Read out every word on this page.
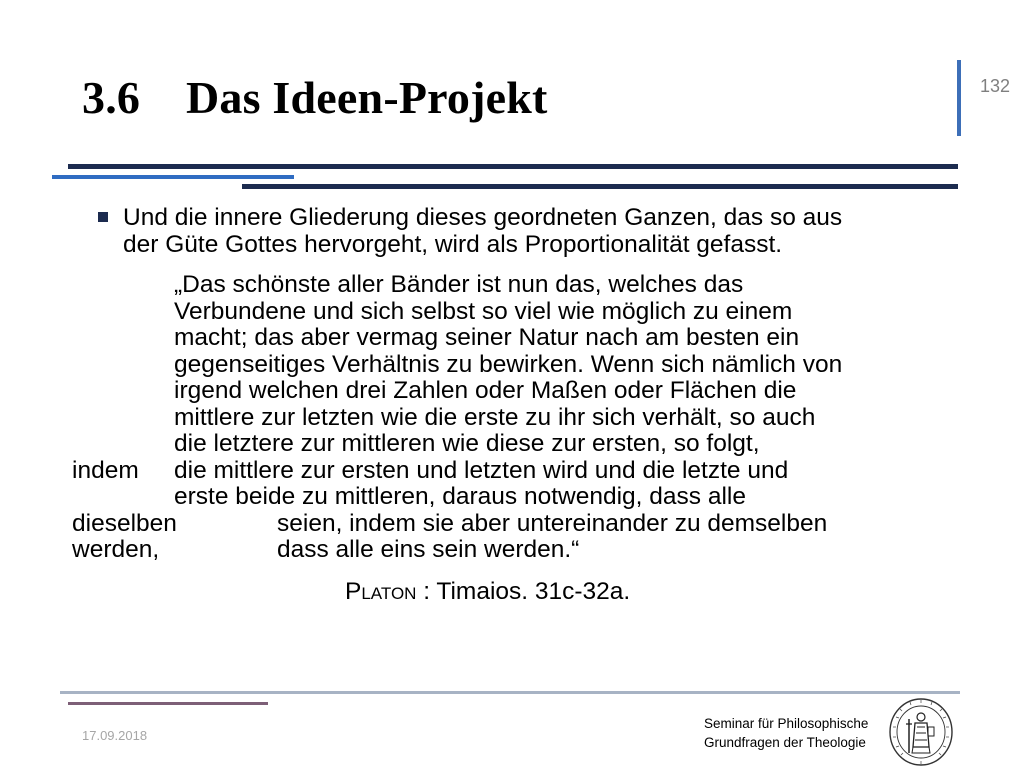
3.6 Das Ideen-Projekt	132
Und die innere Gliederung dieses geordneten Ganzen, das so aus
der Güte Gottes hervorgeht, wird als Proportionalität gefasst.
„Das schönste aller Bänder ist nun das, welches das
Verbundene und sich selbst so viel wie möglich zu einem
macht; das aber vermag seiner Natur nach am besten ein
gegenseitiges Verhältnis zu bewirken. Wenn sich nämlich von
irgend welchen drei Zahlen oder Maßen oder Flächen die
mittlere zur letzten wie die erste zu ihr sich verhält, so auch
die letztere zur mittleren wie diese zur ersten, so folgt,
indem die mittlere zur ersten und letzten wird und die letzte und
erste beide zu mittleren, daraus notwendig, dass alle
dieselben	seien, indem sie aber untereinander zu demselben
werden,	dass alle eins sein werden.“
Platon : Timaios. 31c-32a.
17.09.2018
Seminar für Philosophische
Grundfragen der Theologie
